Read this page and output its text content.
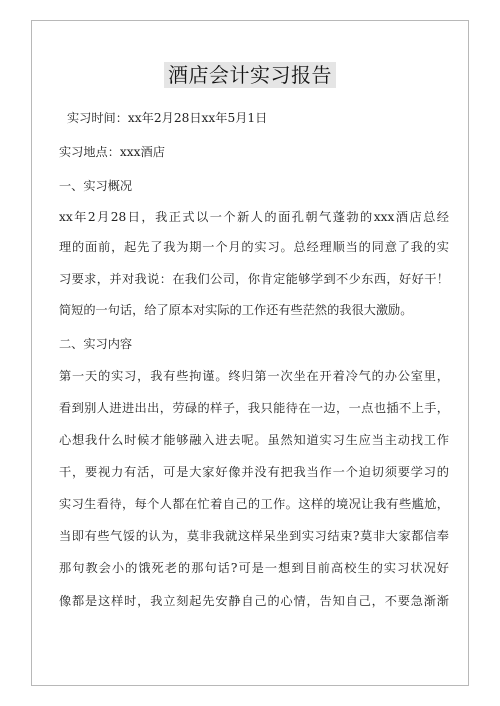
酒店会计实习报告
实习时间：xx年2月28日xx年5月1日
实习地点：xxx酒店
一、实习概况
xx年2月28日，我正式以一个新人的面孔朝气蓬勃的xxx酒店总经
理的面前，起先了我为期一个月的实习。总经理顺当的同意了我的实
习要求，并对我说：在我们公司，你肯定能够学到不少东西，好好干！
简短的一句话，给了原本对实际的工作还有些茫然的我很大激励。
二、实习内容
第一天的实习，我有些拘谨。终归第一次坐在开着冷气的办公室里，
看到别人进进出出，劳碌的样子，我只能待在一边，一点也插不上手，
心想我什么时候才能够融入进去呢。虽然知道实习生应当主动找工作
干，要视力有活，可是大家好像并没有把我当作一个迫切须要学习的
实习生看待，每个人都在忙着自己的工作。这样的境况让我有些尴尬，
当即有些气馁的认为，莫非我就这样呆坐到实习结束?莫非大家都信奉
那句教会小的饿死老的那句话?可是一想到目前高校生的实习状况好
像都是这样时，我立刻起先安静自己的心情，告知自己，不要急渐渐
